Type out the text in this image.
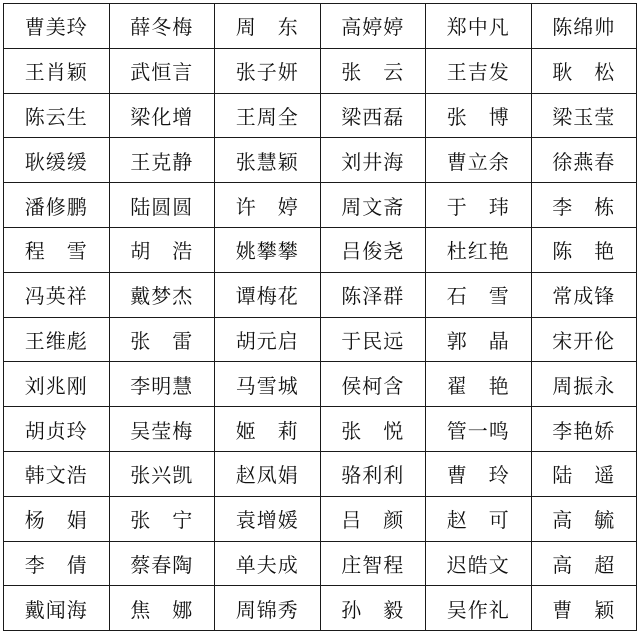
曹美玲	薛冬梅	周　东	高婷婷	郑中凡	陈绵帅
王肖颖	武恒言	张子妍	张　云	王吉发	耿　松
陈云生	梁化增	王周全	梁西磊	张　博	梁玉莹
耿缓缓	王克静	张慧颖	刘井海	曹立余	徐燕春
潘修鹏	陆圆圆	许　婷	周文斋	于　玮	李　栋
程　雪	胡　浩	姚攀攀	吕俊尧	杜红艳	陈　艳
冯英祥	戴梦杰	谭梅花	陈泽群	石　雪	常成锋
王维彪	张　雷	胡元启	于民远	郭　晶	宋开伦
刘兆刚	李明慧	马雪城	侯柯含	翟　艳	周振永
胡贞玲	吴莹梅	姬　莉	张　悦	管一鸣	李艳娇
韩文浩	张兴凯	赵凤娟	骆利利	曹　玲	陆　遥
杨　娟	张　宁	袁增媛	吕　颜	赵　可	高　毓
李　倩	蔡春陶	单夫成	庄智程	迟皓文	高　超
戴闻海	焦　娜	周锦秀	孙　毅	吴作礼	曹　颖
